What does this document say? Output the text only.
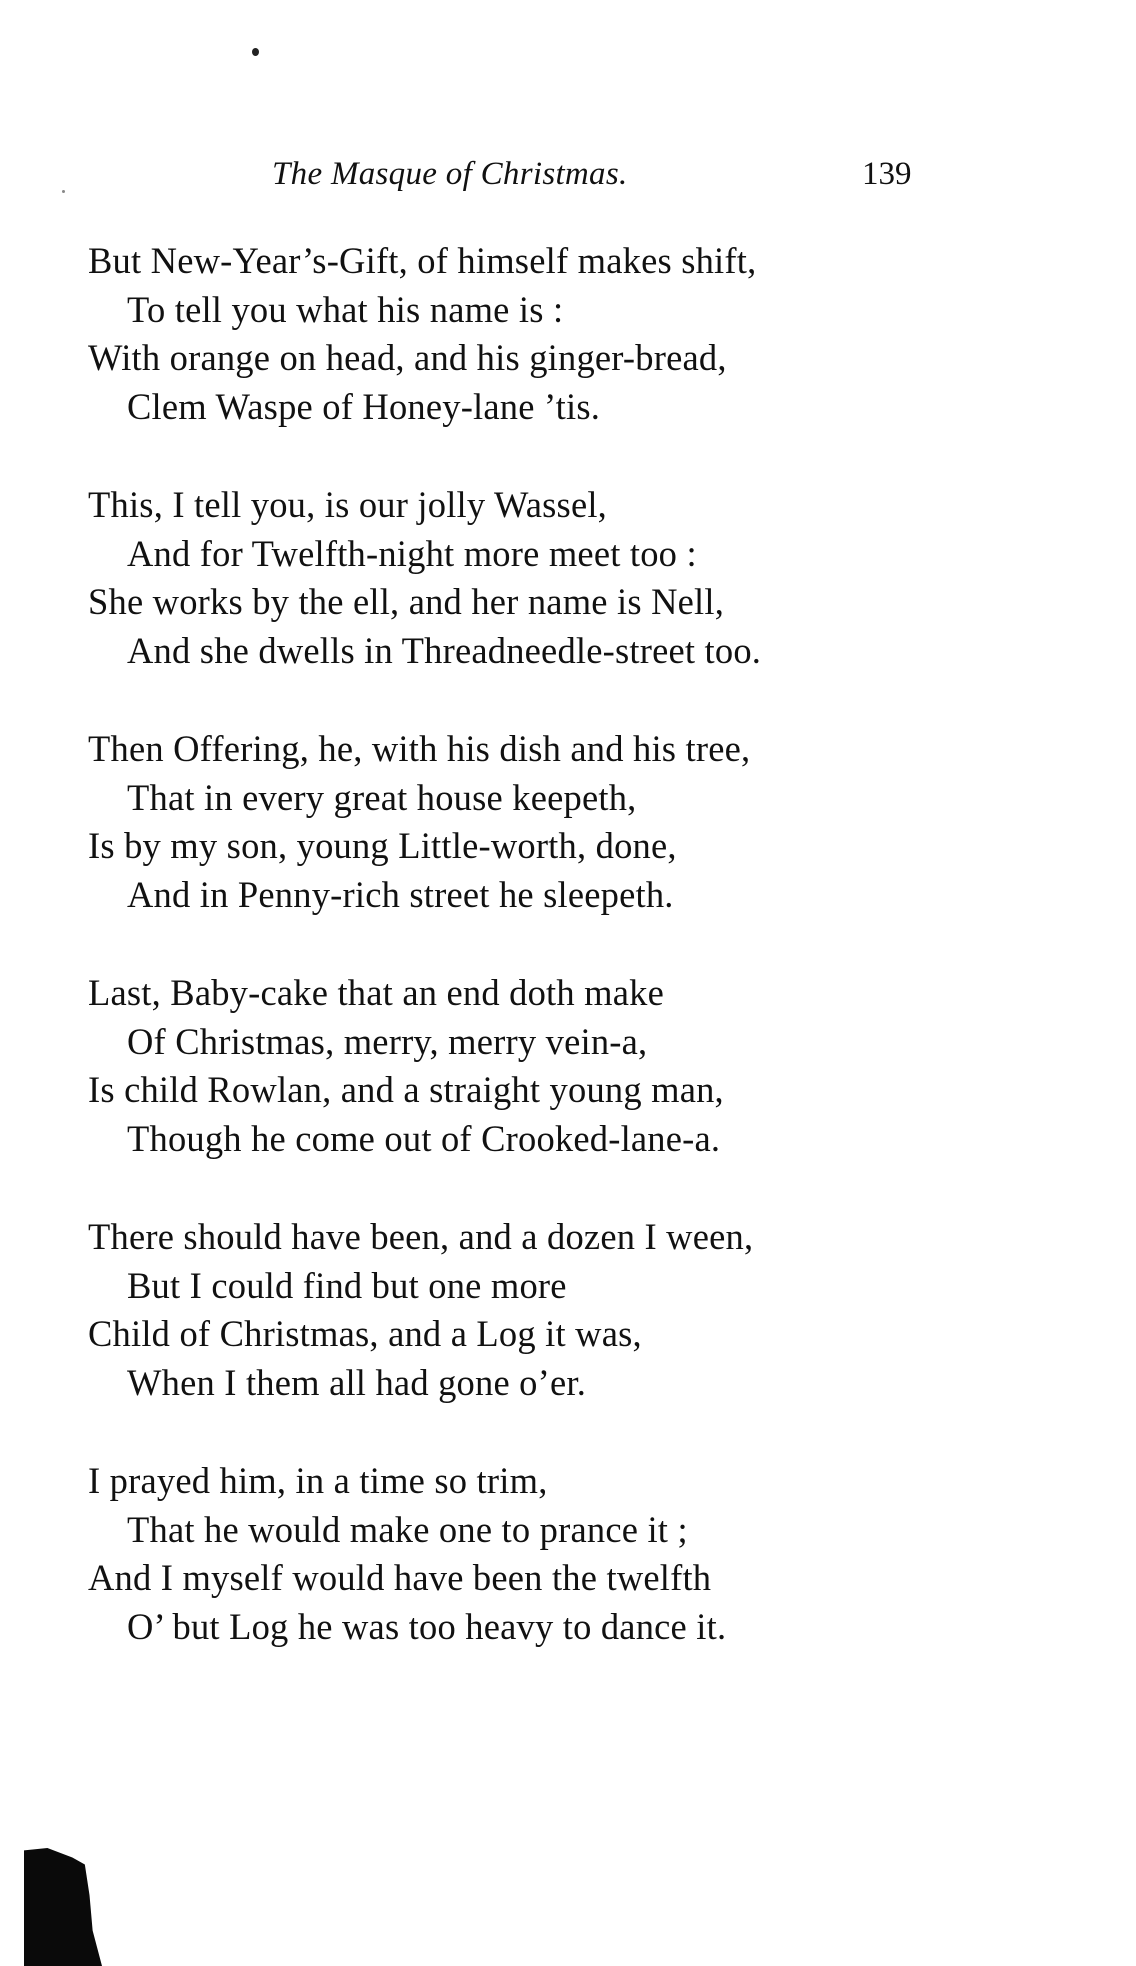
The Masque of Christmas.	139
But New-Year’s-Gift, of himself makes shift,
To tell you what his name is :
With orange on head, and his ginger-bread,
Clem Waspe of Honey-lane ’tis.
This, I tell you, is our jolly Wassel,
And for Twelfth-night more meet too :
She works by the ell, and her name is Nell,
And she dwells in Threadneedle-street too.
Then Offering, he, with his dish and his tree,
That in every great house keepeth,
Is by my son, young Little-worth, done,
And in Penny-rich street he sleepeth.
Last, Baby-cake that an end doth make
Of Christmas, merry, merry vein-a,
Is child Rowlan, and a straight young man,
Though he come out of Crooked-lane-a.
There should have been, and a dozen I ween,
But I could find but one more
Child of Christmas, and a Log it was,
When I them all had gone o’er.
I prayed him, in a time so trim,
That he would make one to prance it ;
And I myself would have been the twelfth
O’ but Log he was too heavy to dance it.
